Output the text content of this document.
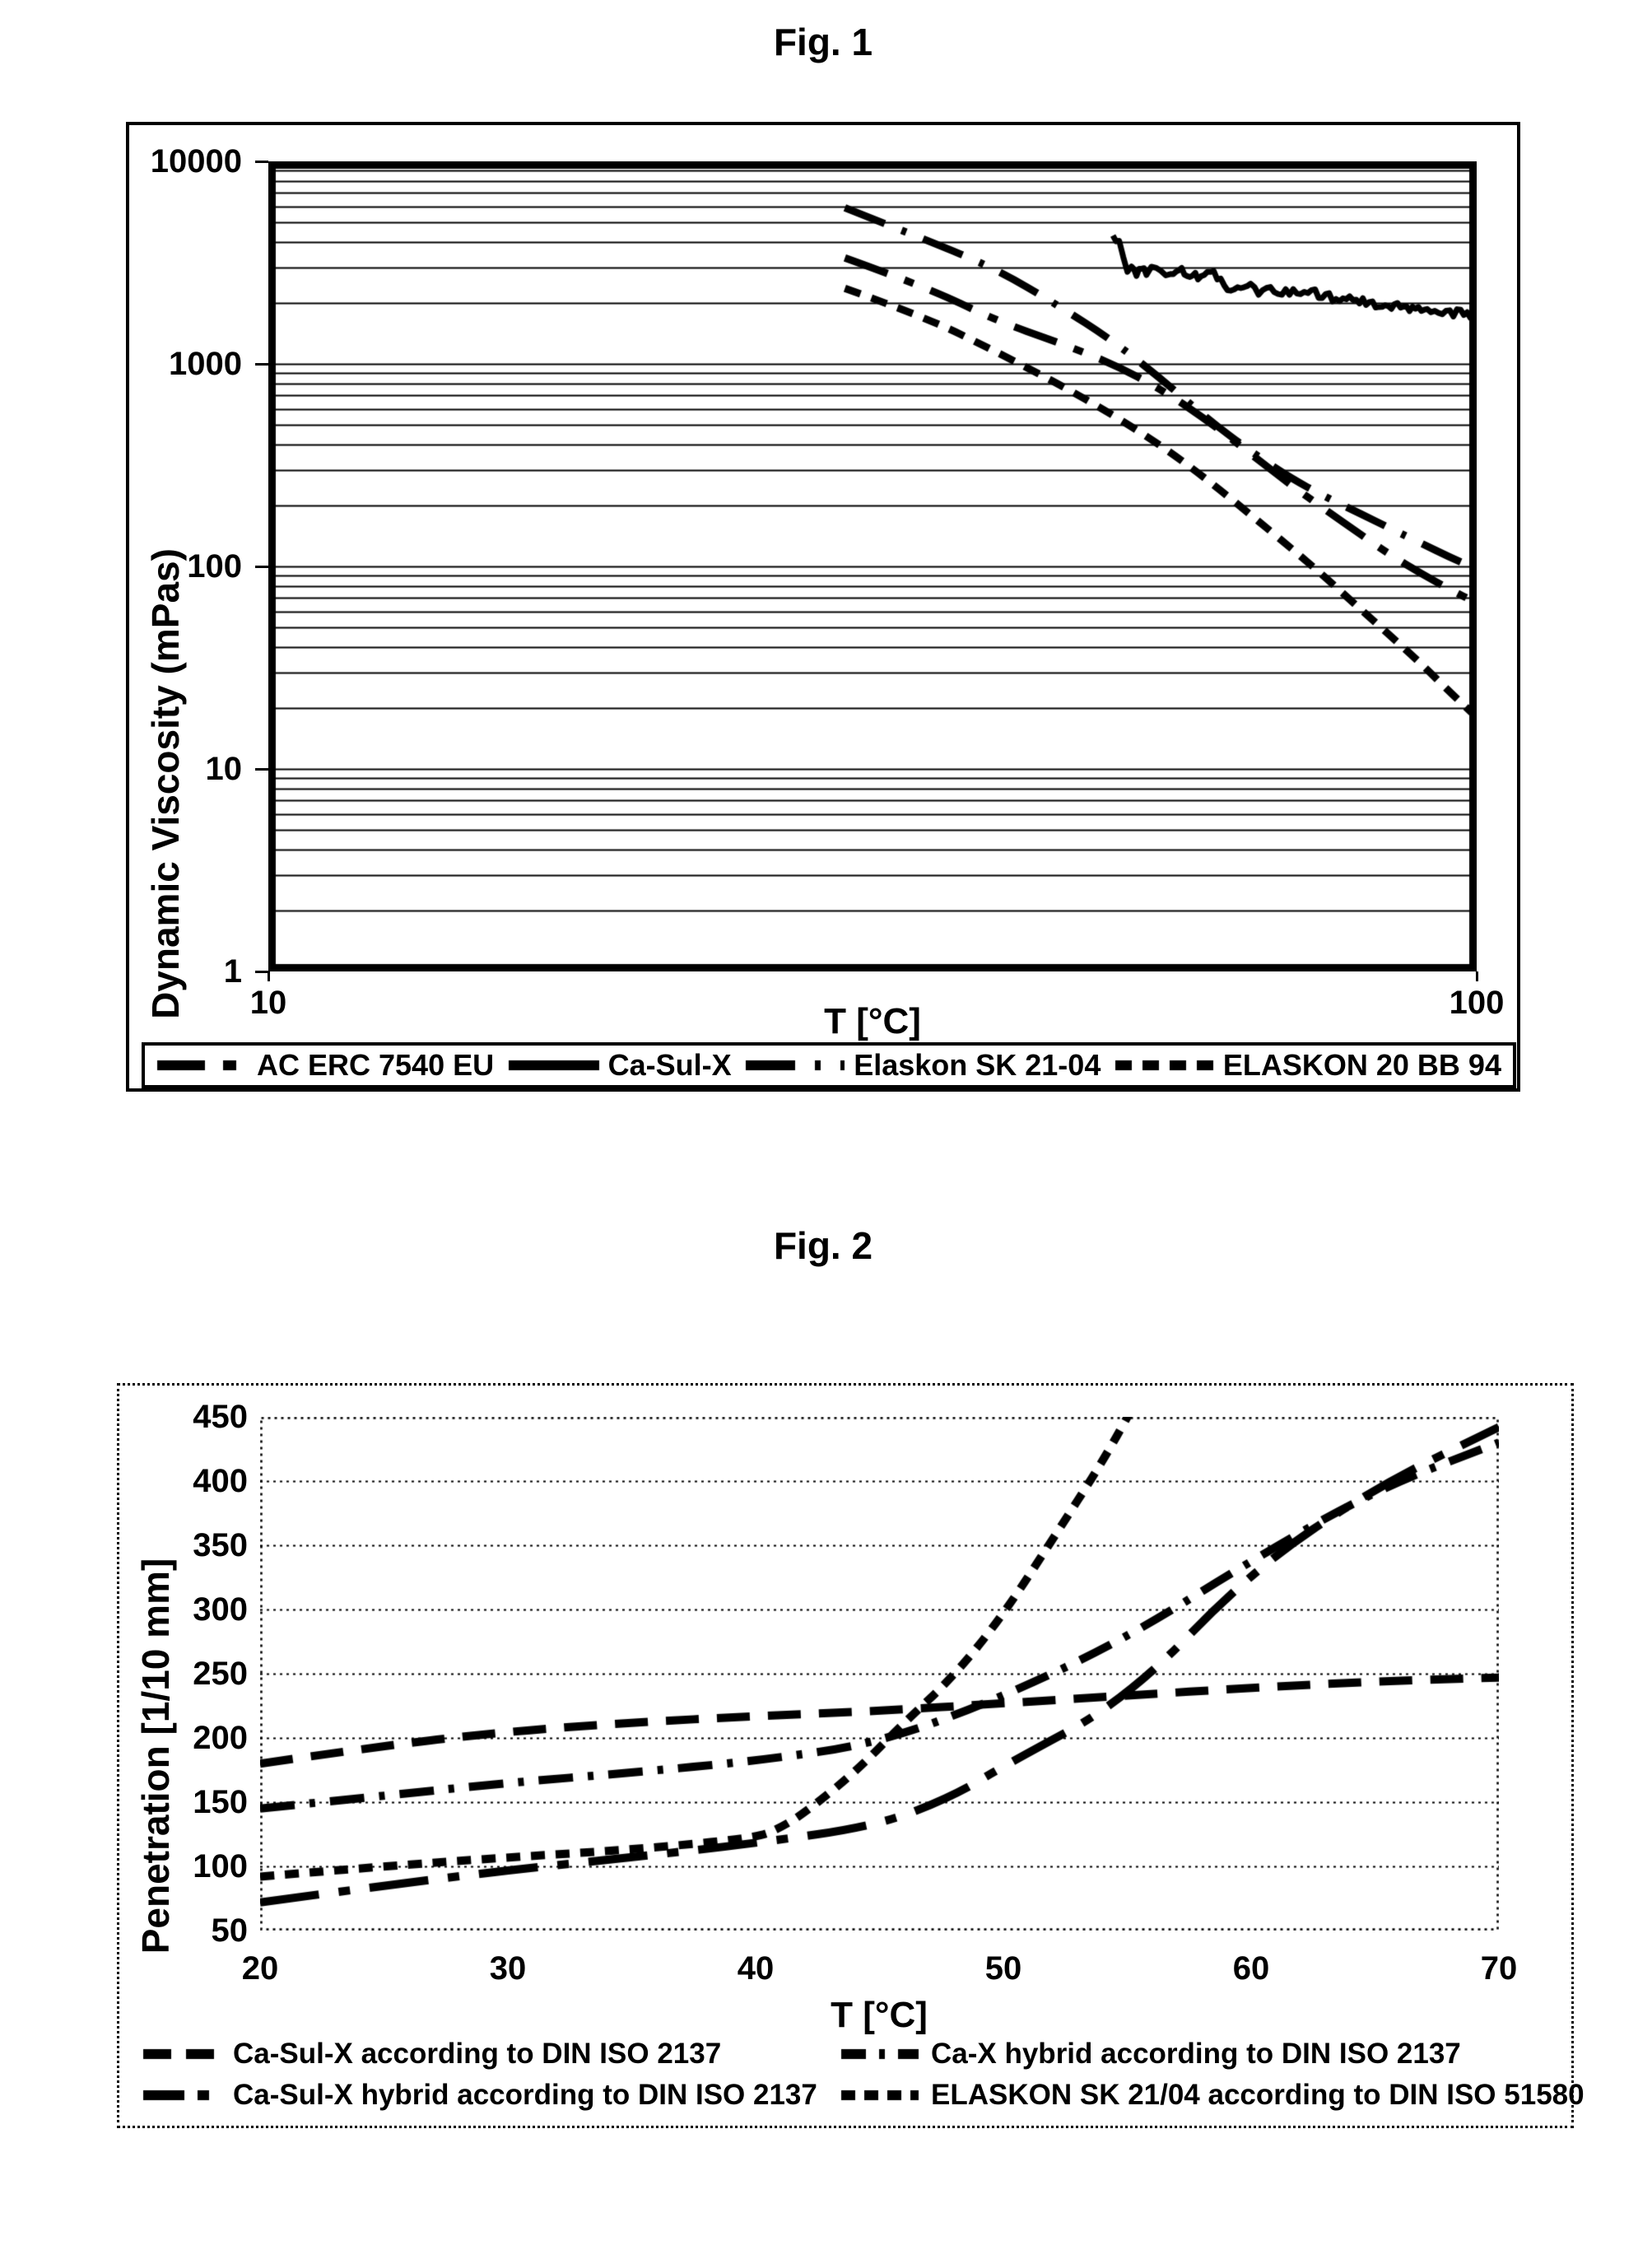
Fig. 1
Dynamic Viscosity (mPas)
10000
1000
100
10
1
10	100
T [°C]
AC ERC 7540 EU	Ca-Sul-X	Elaskon SK 21-04	ELASKON 20 BB 94
Fig. 2
Penetration [1/10 mm]
450
400
350
300
250
200
150
100
50
20	30	40	50	60	70
T [°C]
Ca-Sul-X according to DIN ISO 2137	Ca-X hybrid according to DIN ISO 2137
Ca-Sul-X hybrid according to DIN ISO 2137	ELASKON SK 21/04 according to DIN ISO 51580
